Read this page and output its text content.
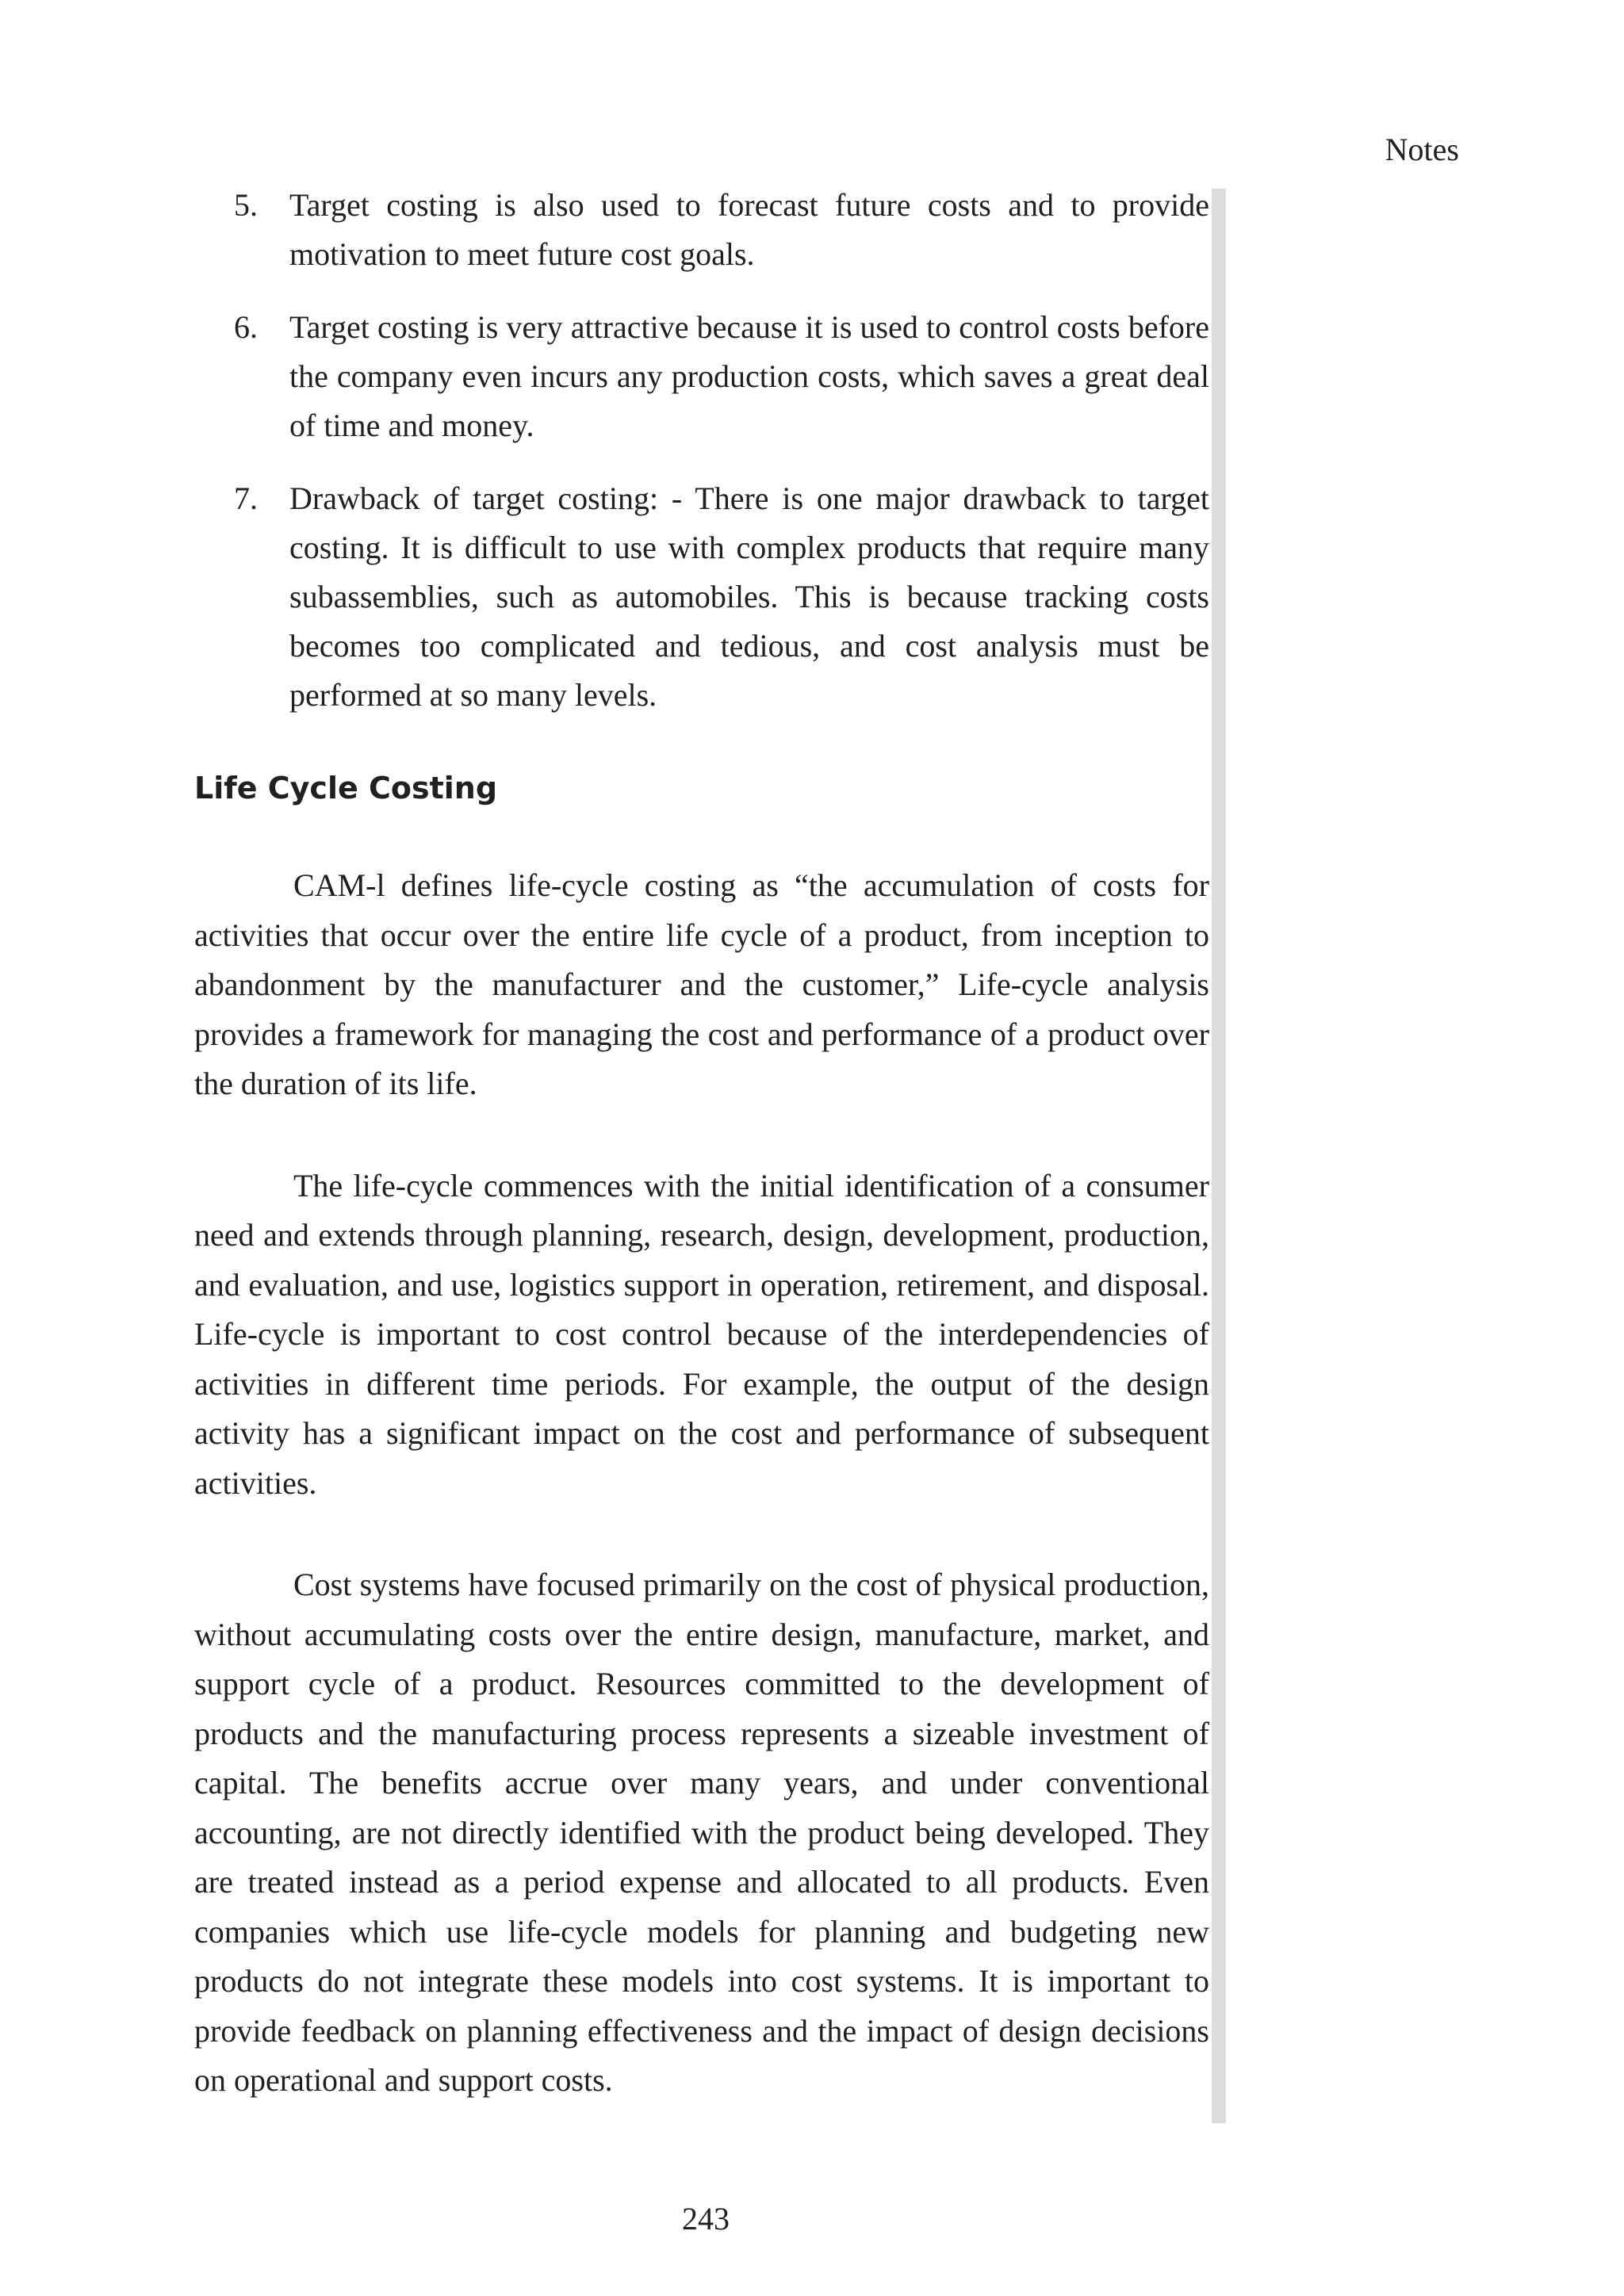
Notes
5. Target costing is also used to forecast future costs and to provide motivation to meet future cost goals.
6. Target costing is very attractive because it is used to control costs before the company even incurs any production costs, which saves a great deal of time and money.
7. Drawback of target costing: - There is one major drawback to target costing. It is difficult to use with complex products that require many subassemblies, such as automobiles. This is because tracking costs becomes too complicated and tedious, and cost analysis must be performed at so many levels.
Life Cycle Costing

CAM-l defines life-cycle costing as “the accumulation of costs for activities that occur over the entire life cycle of a product, from inception to abandonment by the manufacturer and the customer,” Life-cycle analysis provides a framework for managing the cost and performance of a product over the duration of its life.

The life-cycle commences with the initial identification of a consumer need and extends through planning, research, design, development, production, and evaluation, and use, logistics support in operation, retirement, and disposal. Life-cycle is important to cost control because of the interdependencies of activities in different time periods. For example, the output of the design activity has a significant impact on the cost and performance of subsequent activities.

Cost systems have focused primarily on the cost of physical production, without accumulating costs over the entire design, manufacture, market, and support cycle of a product. Resources committed to the development of products and the manufacturing process represents a sizeable investment of capital. The benefits accrue over many years, and under conventional accounting, are not directly identified with the product being developed. They are treated instead as a period expense and allocated to all products. Even companies which use life-cycle models for planning and budgeting new products do not integrate these models into cost systems. It is important to provide feedback on planning effectiveness and the impact of design decisions on operational and support costs.

243
